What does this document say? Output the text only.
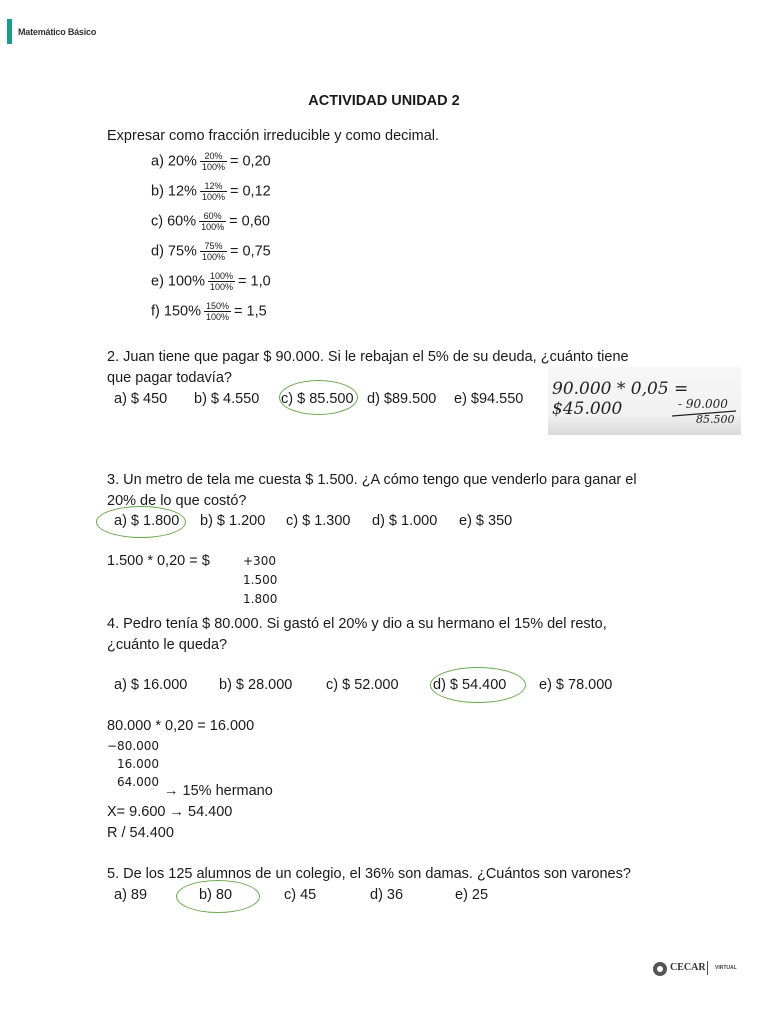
Matemático Básico
ACTIVIDAD UNIDAD 2
Expresar como fracción irreducible y como decimal.
a) $20\% \frac{20\%}{100\%} = 0,20$
b) $12\% \frac{12\%}{100\%} = 0,12$
c) $60\% \frac{60\%}{100\%} = 0,60$
d) $75\% \frac{75\%}{100\%} = 0,75$
e) $100\% \frac{100\%}{100\%} = 1,0$
f) $150\% \frac{150\%}{100\%} = 1,5$
2. Juan tiene que pagar $ 90.000. Si le rebajan el 5% de su deuda, ¿cuánto tiene
que pagar todavía?
a) $ 450 b) $ 4.550 c) $ 85.500 d) $89.500 e) $94.550 90.000 * 0,05 = $45.000	- 90.000
85.500
3. Un metro de tela me cuesta $ 1.500. ¿A cómo tengo que venderlo para ganar el
20% de lo que costó?
a) $ 1.800 b) $ 1.200 c) $ 1.300 d) $ 1.000 e) $ 350
1.500 * 0,20 = $	+300
1.500
1.800
4. Pedro tenía $ 80.000. Si gastó el 20% y dio a su hermano el 15% del resto,
¿cuánto le queda?
a) $ 16.000 b) $ 28.000 c) $ 52.000 d) $ 54.400 e) $ 78.000
80.000 * 0,20 = 16.000
−80.000
16.000
64.000
→ 15% hermano
X= 9.600 → 54.400
R / 54.400
5. De los 125 alumnos de un colegio, el 36% son damas. ¿Cuántos son varones?
a) 89	b) 80	c) 45	d) 36	e) 25
CECAR VIRTUAL
